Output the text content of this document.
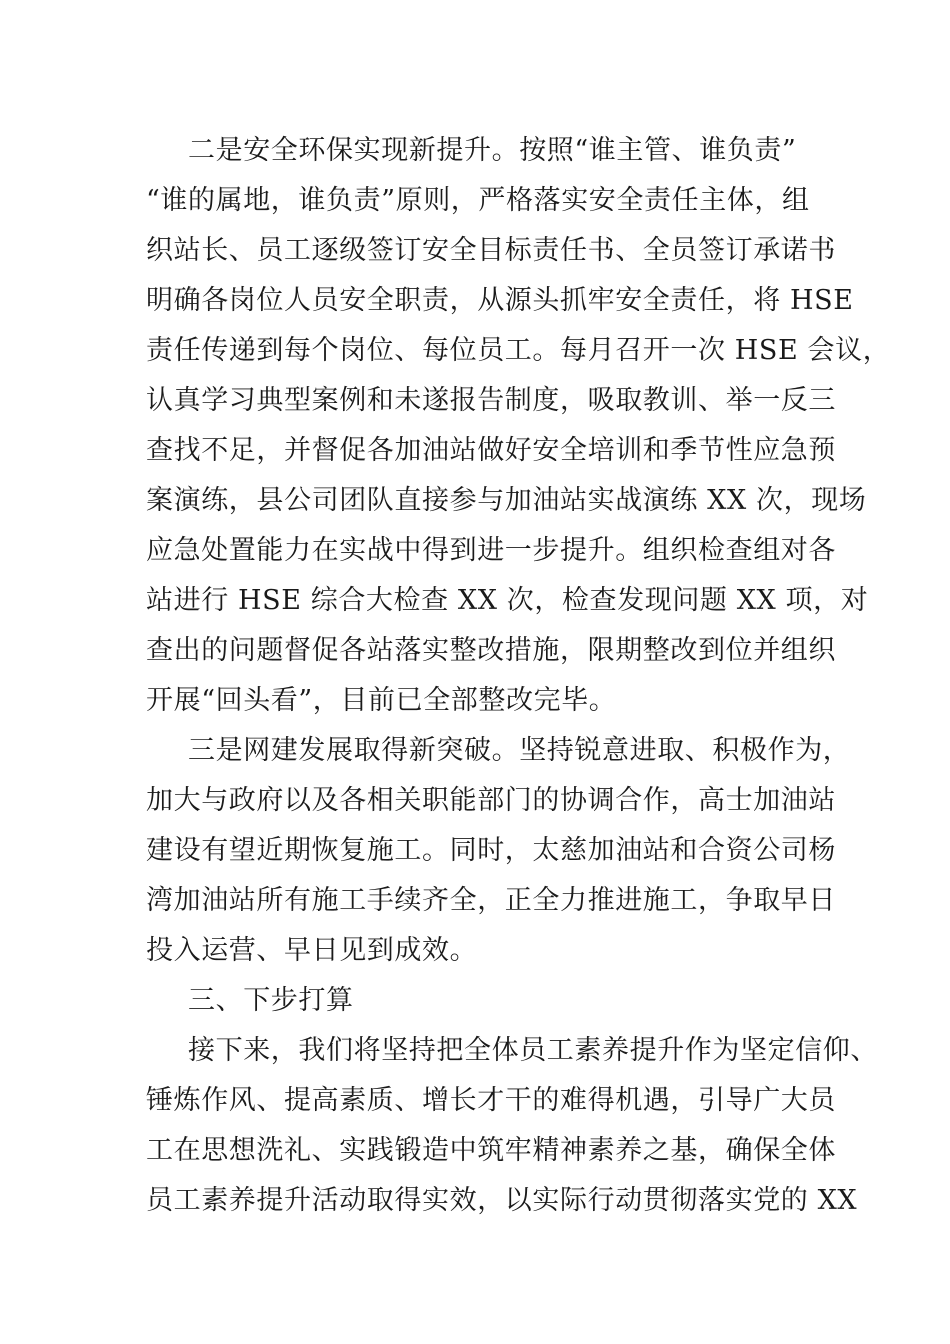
二是安全环保实现新提升。按照“谁主管、谁负责”
“谁的属地，谁负责”原则，严格落实安全责任主体，组
织站长、员工逐级签订安全目标责任书、全员签订承诺书
明确各岗位人员安全职责，从源头抓牢安全责任，将 HSE
责任传递到每个岗位、每位员工。每月召开一次 HSE 会议，
认真学习典型案例和未遂报告制度，吸取教训、举一反三
查找不足，并督促各加油站做好安全培训和季节性应急预
案演练，县公司团队直接参与加油站实战演练 XX 次，现场
应急处置能力在实战中得到进一步提升。组织检查组对各
站进行 HSE 综合大检查 XX 次，检查发现问题 XX 项，对
查出的问题督促各站落实整改措施，限期整改到位并组织
开展“回头看”，目前已全部整改完毕。
三是网建发展取得新突破。坚持锐意进取、积极作为，
加大与政府以及各相关职能部门的协调合作，高士加油站
建设有望近期恢复施工。同时，太慈加油站和合资公司杨
湾加油站所有施工手续齐全，正全力推进施工，争取早日
投入运营、早日见到成效。
三、下步打算
接下来，我们将坚持把全体员工素养提升作为坚定信仰、
锤炼作风、提高素质、增长才干的难得机遇，引导广大员
工在思想洗礼、实践锻造中筑牢精神素养之基，确保全体
员工素养提升活动取得实效，以实际行动贯彻落实党的 XX
